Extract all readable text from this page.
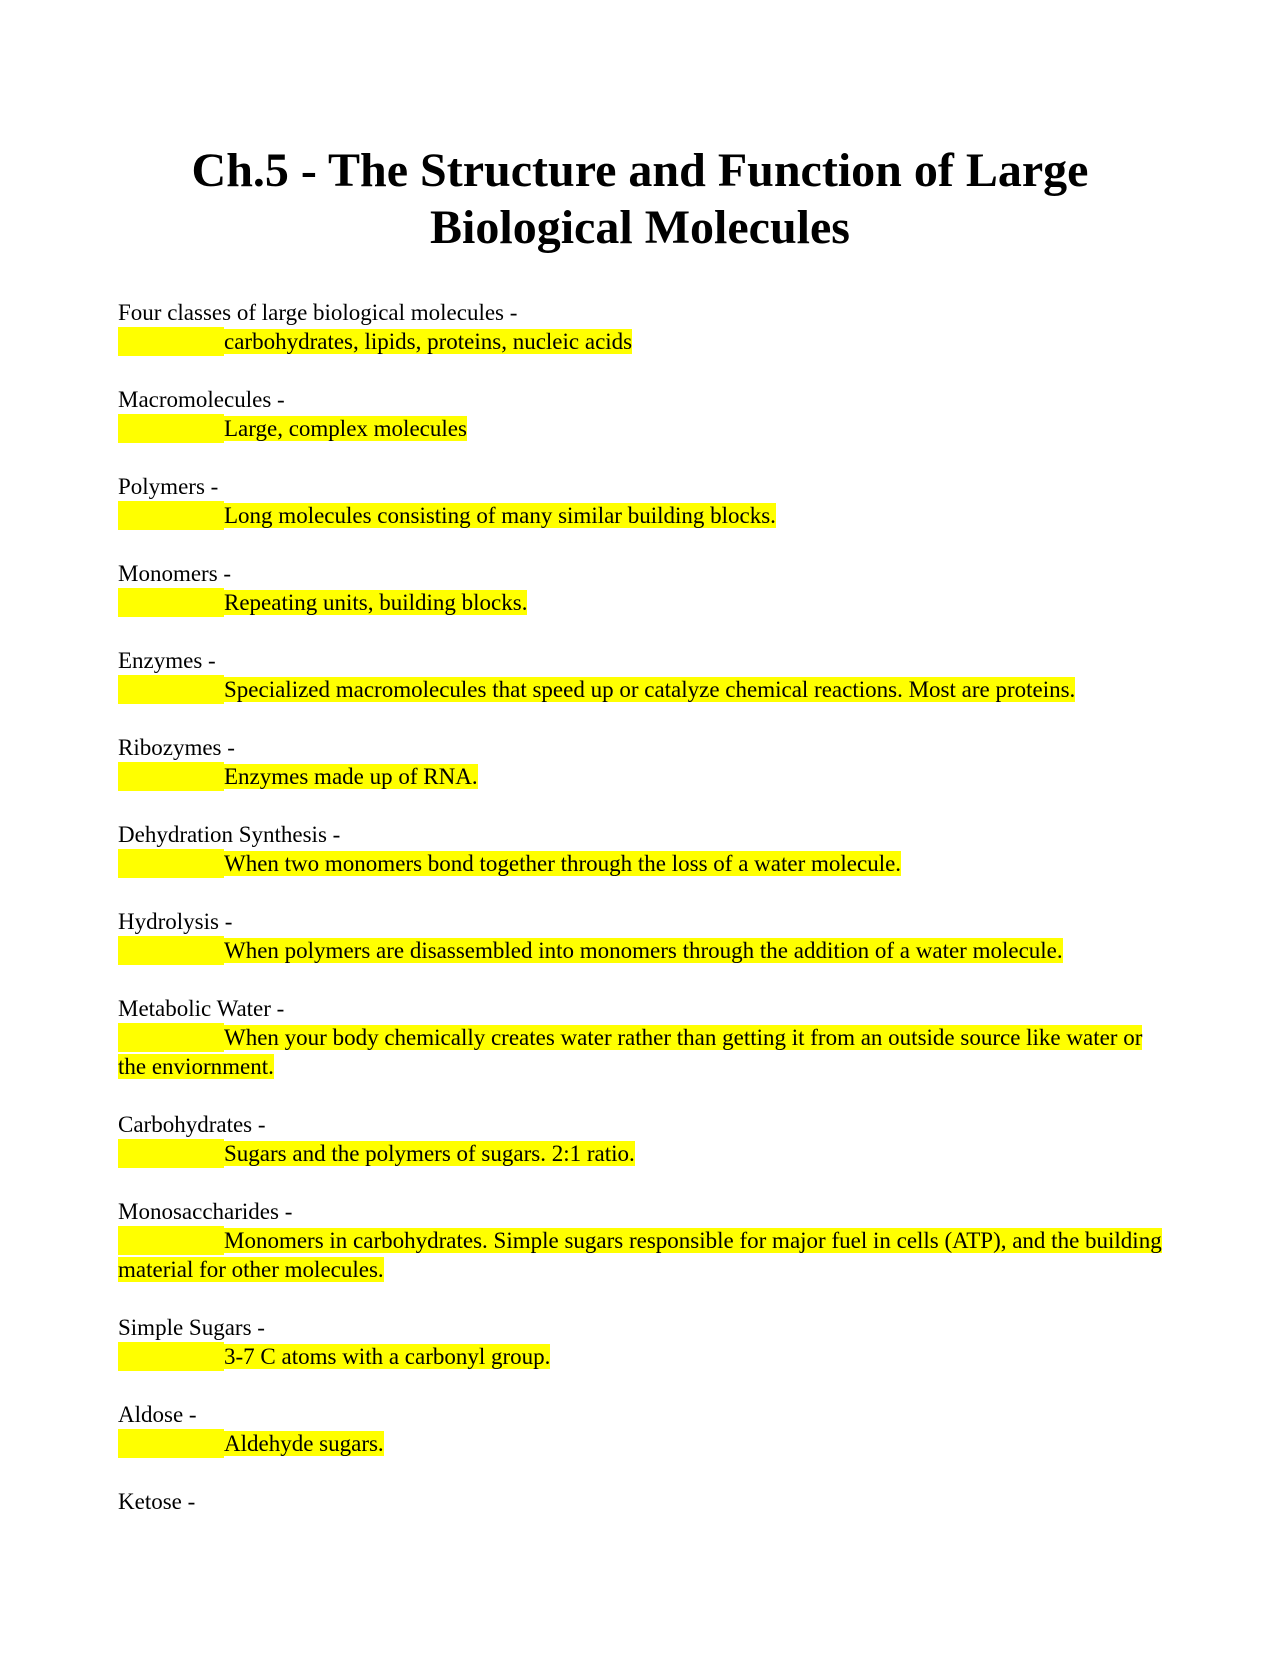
Ch.5 - The Structure and Function of Large Biological Molecules
Four classes of large biological molecules -
carbohydrates, lipids, proteins, nucleic acids
Macromolecules -
Large, complex molecules
Polymers -
Long molecules consisting of many similar building blocks.
Monomers -
Repeating units, building blocks.
Enzymes -
Specialized macromolecules that speed up or catalyze chemical reactions. Most are proteins.
Ribozymes -
Enzymes made up of RNA.
Dehydration Synthesis -
When two monomers bond together through the loss of a water molecule.
Hydrolysis -
When polymers are disassembled into monomers through the addition of a water molecule.
Metabolic Water -
When your body chemically creates water rather than getting it from an outside source like water or the enviornment.
Carbohydrates -
Sugars and the polymers of sugars. 2:1 ratio.
Monosaccharides -
Monomers in carbohydrates. Simple sugars responsible for major fuel in cells (ATP), and the building material for other molecules.
Simple Sugars -
3-7 C atoms with a carbonyl group.
Aldose -
Aldehyde sugars.
Ketose -
